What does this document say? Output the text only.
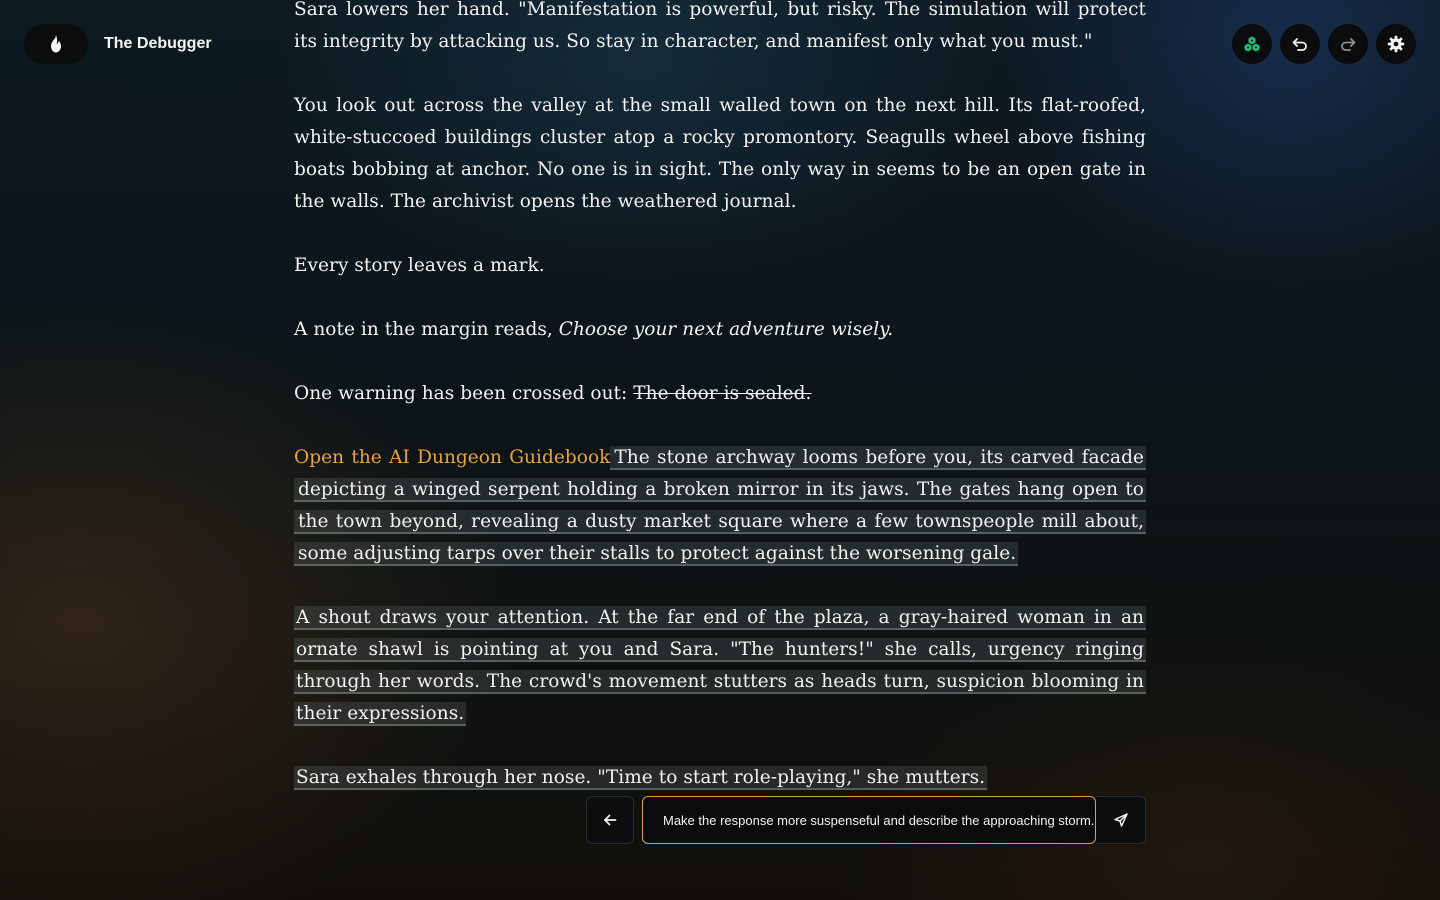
The Debugger

Sara lowers her hand. "Manifestation is powerful, but risky. The simulation will protect its integrity by attacking us. So stay in character, and manifest only what you must."

You look out across the valley at the small walled town on the next hill. Its flat-roofed, white-stuccoed buildings cluster atop a rocky promontory. Seagulls wheel above fishing boats bobbing at anchor. No one is in sight. The only way in seems to be an open gate in the walls. The archivist opens the weathered journal.

Every story leaves a mark.

A note in the margin reads, Choose your next adventure wisely.

One warning has been crossed out: The door is sealed.

Open the AI Dungeon Guidebook The stone archway looms before you, its carved facade depicting a winged serpent holding a broken mirror in its jaws. The gates hang open to the town beyond, revealing a dusty market square where a few townspeople mill about, some adjusting tarps over their stalls to protect against the worsening gale.

A shout draws your attention. At the far end of the plaza, a gray-haired woman in an ornate shawl is pointing at you and Sara. "The hunters!" she calls, urgency ringing through her words. The crowd's movement stutters as heads turn, suspicion blooming in their expressions.

Sara exhales through her nose. "Time to start role-playing," she mutters.

Make the response more suspenseful and describe the approaching storm.
